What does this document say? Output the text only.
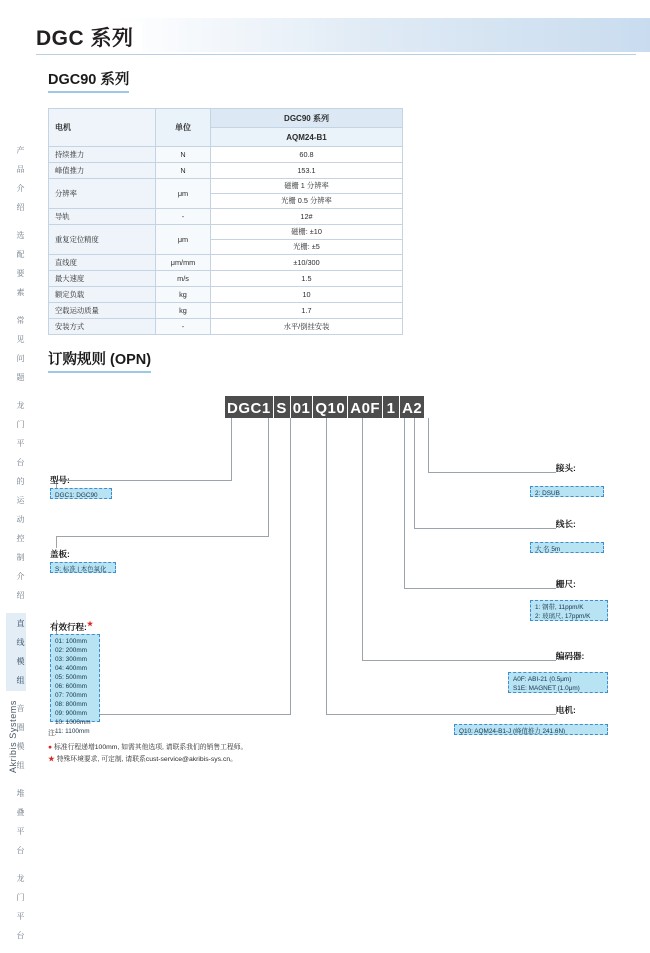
DGC 系列
产 品 介 绍
选 配 要 素
常 见 问 题
龙 门 平 台 的 运 动 控 制 介 绍
直 线 模 组
音 圈 模 组
堆 叠 平 台
龙 门 平 台
Akribis Systems
DGC90 系列
电机	单位	DGC90 系列
		AQM24-B1
持续推力	N	60.8
峰值推力	N	153.1
分辨率	μm	磁栅 1 分辨率
光栅 0.5 分辨率

导轨	-	12#
重复定位精度	μm	磁栅: ±10
光栅: ±5

直线度	μm/mm	±10/300
最大速度	m/s	1.5
额定负载	kg	10
空载运动质量	kg	1.7
安装方式	-	水平/倒挂安装
订购规则 (OPN)
DGC1 S 01 Q10 A0F 1 A2
型号:
DGC1: DGC90
盖板:
S: 标准 | 本色氧化
有效行程:★
01: 100mm
02: 200mm
03: 300mm
04: 400mm
05: 500mm
06: 600mm
07: 700mm
08: 800mm
09: 900mm
10: 1000mm
11: 1100mm
接头:
2: DSUB
线长:
大 名 5m
栅尺:
1: 钢带, 11ppm/K
2: 玻璃尺, 17ppm/K
编码器:
A0F: ABI-21 (0.5μm)
S1E: MAGNET (1.0μm)
电机:
Q10: AQM24-B1-J (峰值推力 241.6N)
注:
● 标准行程递增100mm, 如需其他选项, 请联系我们的销售工程师。
★ 特殊环境要求, 可定制, 请联系cust-service@akribis-sys.cn。
